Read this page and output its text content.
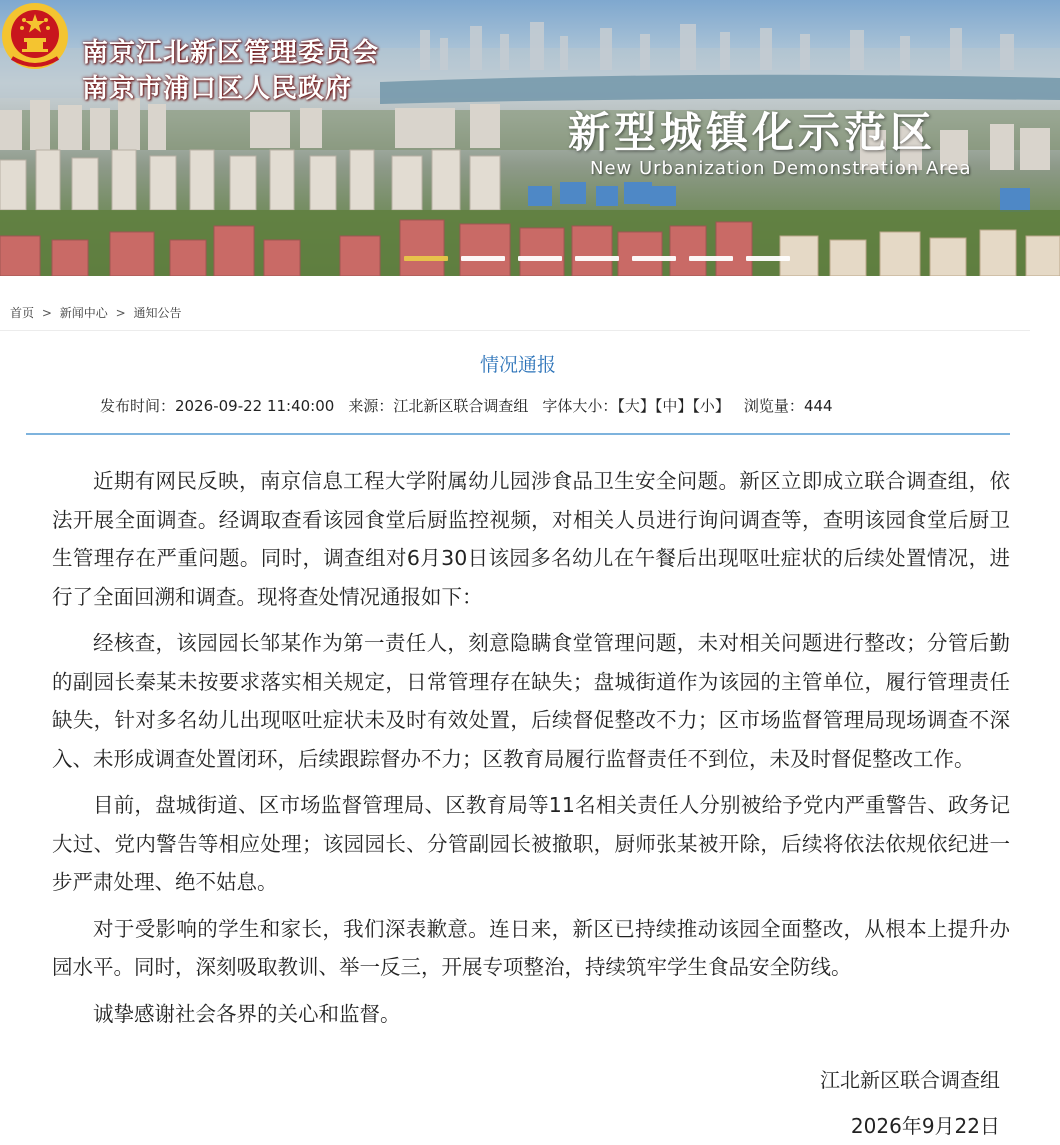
南京江北新区管理委员会
南京市浦口区人民政府
新型城镇化示范区
New Urbanization Demonstration Area
首页 > 新闻中心 > 通知公告
情况通报
发布时间：2026-09-22 11:40:00 来源：江北新区联合调查组 字体大小：【大】【中】【小】 浏览量：444

近期有网民反映，南京信息工程大学附属幼儿园涉食品卫生安全问题。新区立即成立联合调查组，依法开展全面调查。经调取查看该园食堂后厨监控视频，对相关人员进行询问调查等，查明该园食堂后厨卫生管理存在严重问题。同时，调查组对6月30日该园多名幼儿在午餐后出现呕吐症状的后续处置情况，进行了全面回溯和调查。现将查处情况通报如下：

经核查，该园园长邹某作为第一责任人，刻意隐瞒食堂管理问题，未对相关问题进行整改；分管后勤的副园长秦某未按要求落实相关规定，日常管理存在缺失；盘城街道作为该园的主管单位，履行管理责任缺失，针对多名幼儿出现呕吐症状未及时有效处置，后续督促整改不力；区市场监督管理局现场调查不深入、未形成调查处置闭环，后续跟踪督办不力；区教育局履行监督责任不到位，未及时督促整改工作。

目前，盘城街道、区市场监督管理局、区教育局等11名相关责任人分别被给予党内严重警告、政务记大过、党内警告等相应处理；该园园长、分管副园长被撤职，厨师张某被开除，后续将依法依规依纪进一步严肃处理、绝不姑息。

对于受影响的学生和家长，我们深表歉意。连日来，新区已持续推动该园全面整改，从根本上提升办园水平。同时，深刻吸取教训、举一反三，开展专项整治，持续筑牢学生食品安全防线。

诚挚感谢社会各界的关心和监督。

江北新区联合调查组
2026年9月22日
